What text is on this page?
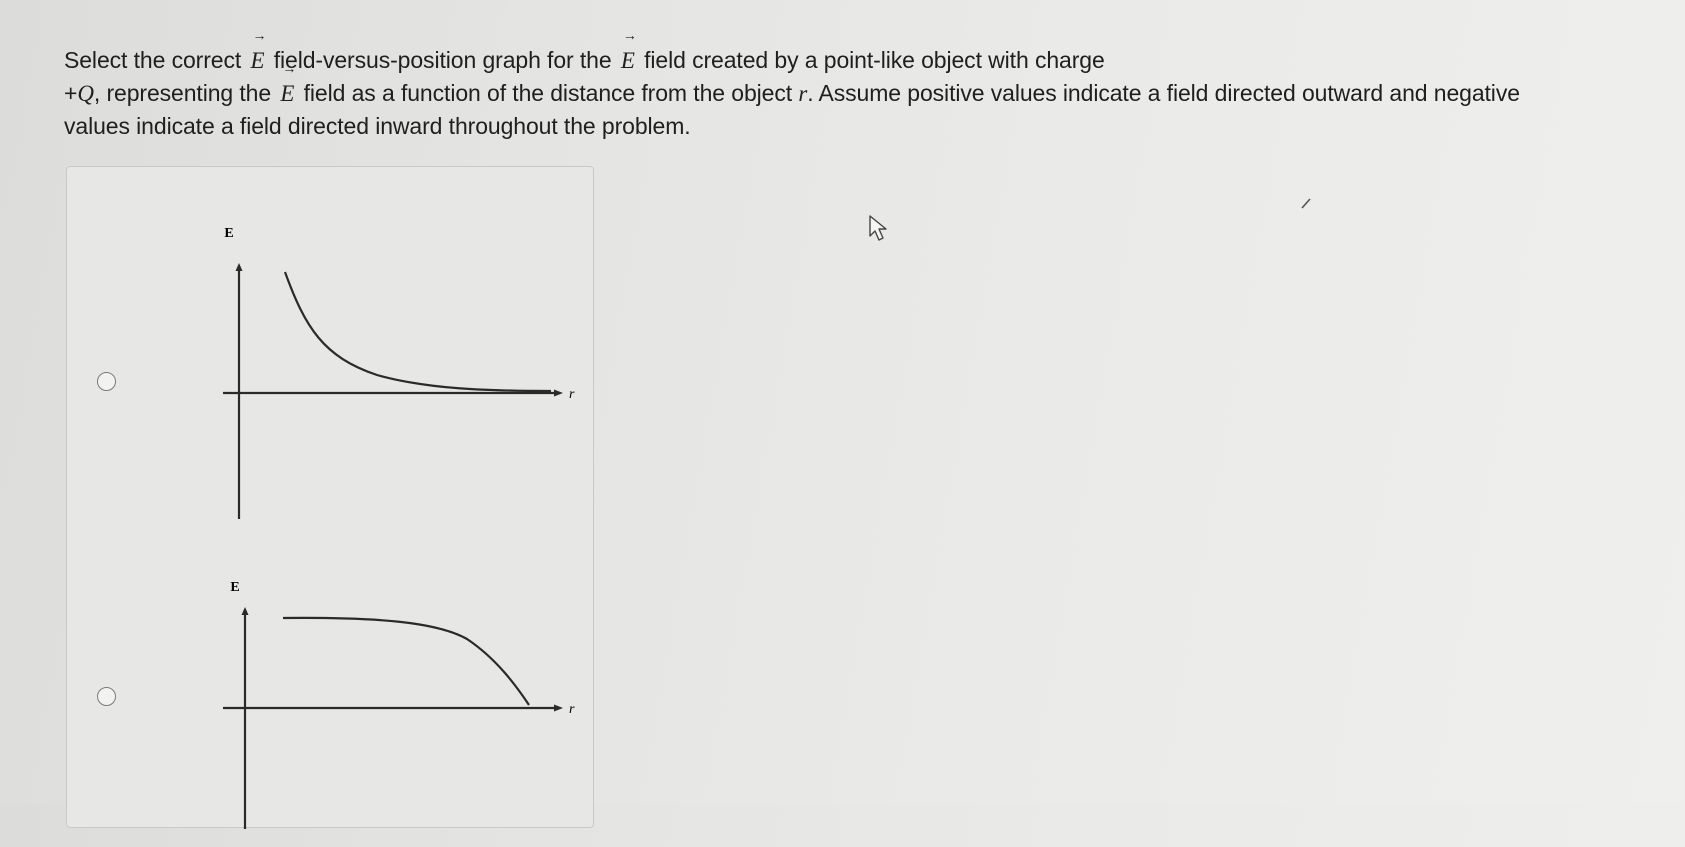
Select the correct → E field-versus-position graph for the → E field created by a point-like object with charge
+Q, representing the → E field as a function of the distance from the object r. Assume positive values indicate a field directed outward and negative
values indicate a field directed inward throughout the problem.
E
r
E
r
